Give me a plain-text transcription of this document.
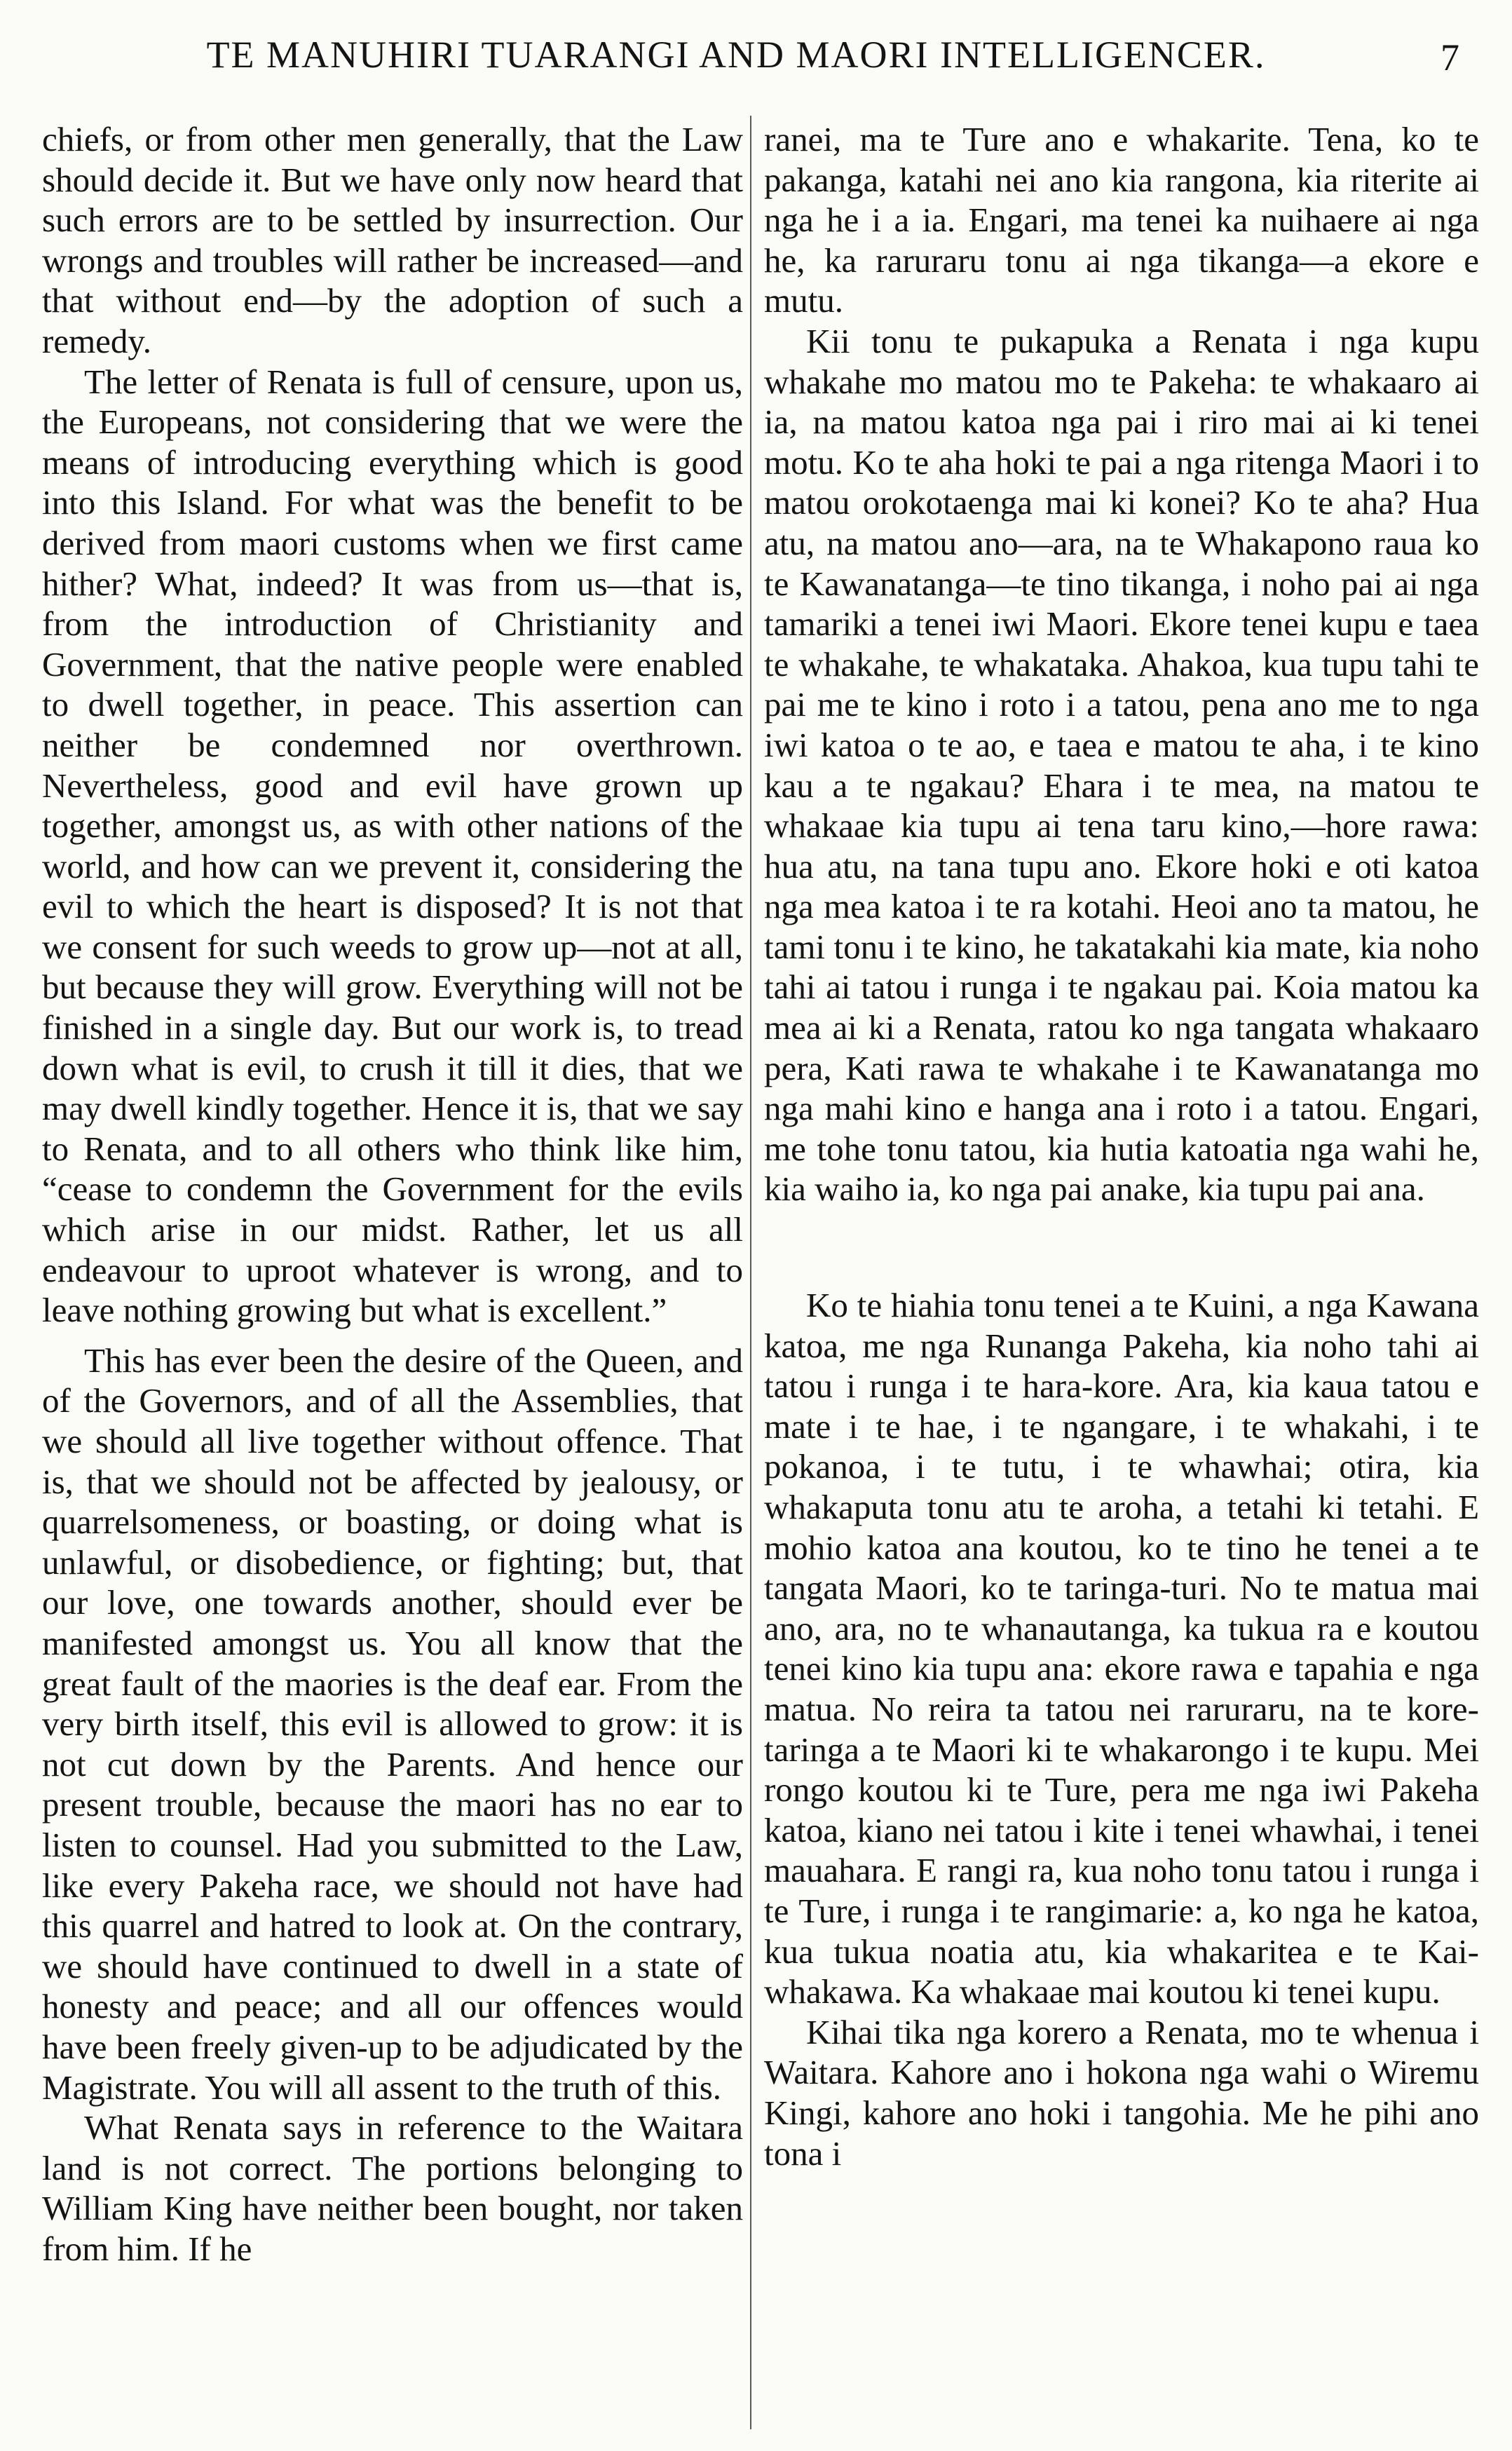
TE MANUHIRI TUARANGI AND MAORI INTELLIGENCER.	7

chiefs, or from other men generally, that the Law should decide it. But we have only now heard that such errors are to be settled by insurrection. Our wrongs and troubles will rather be increased—and that without end—by the adoption of such a remedy.

The letter of Renata is full of censure, upon us, the Europeans, not considering that we were the means of introducing everything which is good into this Island. For what was the benefit to be derived from maori customs when we first came hither? What, indeed? It was from us—that is, from the introduction of Christianity and Government, that the native people were enabled to dwell together, in peace. This assertion can neither be condemned nor overthrown. Nevertheless, good and evil have grown up together, amongst us, as with other nations of the world, and how can we prevent it, considering the evil to which the heart is disposed? It is not that we consent for such weeds to grow up—not at all, but because they will grow. Everything will not be finished in a single day. But our work is, to tread down what is evil, to crush it till it dies, that we may dwell kindly together. Hence it is, that we say to Renata, and to all others who think like him, “cease to condemn the Government for the evils which arise in our midst. Rather, let us all endeavour to uproot whatever is wrong, and to leave nothing growing but what is excellent.”

This has ever been the desire of the Queen, and of the Governors, and of all the Assemblies, that we should all live together without offence. That is, that we should not be affected by jealousy, or quarrelsomeness, or boasting, or doing what is unlawful, or disobedience, or fighting; but, that our love, one towards another, should ever be manifested amongst us. You all know that the great fault of the maories is the deaf ear. From the very birth itself, this evil is allowed to grow: it is not cut down by the Parents. And hence our present trouble, because the maori has no ear to listen to counsel. Had you submitted to the Law, like every Pakeha race, we should not have had this quarrel and hatred to look at. On the contrary, we should have continued to dwell in a state of honesty and peace; and all our offences would have been freely given-up to be adjudicated by the Magistrate. You will all assent to the truth of this.

What Renata says in reference to the Waitara land is not correct. The portions belonging to William King have neither been bought, nor taken from him. If he

ranei, ma te Ture ano e whakarite. Tena, ko te pakanga, katahi nei ano kia rangona, kia riterite ai nga he i a ia. Engari, ma tenei ka nuihaere ai nga he, ka raruraru tonu ai nga tikanga—a ekore e mutu.

Kii tonu te pukapuka a Renata i nga kupu whakahe mo matou mo te Pakeha: te whakaaro ai ia, na matou katoa nga pai i riro mai ai ki tenei motu. Ko te aha hoki te pai a nga ritenga Maori i to matou orokotaenga mai ki konei? Ko te aha? Hua atu, na matou ano—ara, na te Whakapono raua ko te Kawanatanga—te tino tikanga, i noho pai ai nga tamariki a tenei iwi Maori. Ekore tenei kupu e taea te whakahe, te whakataka. Ahakoa, kua tupu tahi te pai me te kino i roto i a tatou, pena ano me to nga iwi katoa o te ao, e taea e matou te aha, i te kino kau a te ngakau? Ehara i te mea, na matou te whakaae kia tupu ai tena taru kino,—hore rawa: hua atu, na tana tupu ano. Ekore hoki e oti katoa nga mea katoa i te ra kotahi. Heoi ano ta matou, he tami tonu i te kino, he takatakahi kia mate, kia noho tahi ai tatou i runga i te ngakau pai. Koia matou ka mea ai ki a Renata, ratou ko nga tangata whakaaro pera, Kati rawa te whakahe i te Kawanatanga mo nga mahi kino e hanga ana i roto i a tatou. Engari, me tohe tonu tatou, kia hutia katoatia nga wahi he, kia waiho ia, ko nga pai anake, kia tupu pai ana.

Ko te hiahia tonu tenei a te Kuini, a nga Kawana katoa, me nga Runanga Pakeha, kia noho tahi ai tatou i runga i te hara-kore. Ara, kia kaua tatou e mate i te hae, i te ngangare, i te whakahi, i te pokanoa, i te tutu, i te whawhai; otira, kia whakaputa tonu atu te aroha, a tetahi ki tetahi. E mohio katoa ana koutou, ko te tino he tenei a te tangata Maori, ko te taringa-turi. No te matua mai ano, ara, no te whanautanga, ka tukua ra e koutou tenei kino kia tupu ana: ekore rawa e tapahia e nga matua. No reira ta tatou nei raruraru, na te kore-taringa a te Maori ki te whakarongo i te kupu. Mei rongo koutou ki te Ture, pera me nga iwi Pakeha katoa, kiano nei tatou i kite i tenei whawhai, i tenei mauahara. E rangi ra, kua noho tonu tatou i runga i te Ture, i runga i te rangimarie: a, ko nga he katoa, kua tukua noatia atu, kia whakaritea e te Kai-whakawa. Ka whakaae mai koutou ki tenei kupu.

Kihai tika nga korero a Renata, mo te whenua i Waitara. Kahore ano i hokona nga wahi o Wiremu Kingi, kahore ano hoki i tangohia. Me he pihi ano tona i
